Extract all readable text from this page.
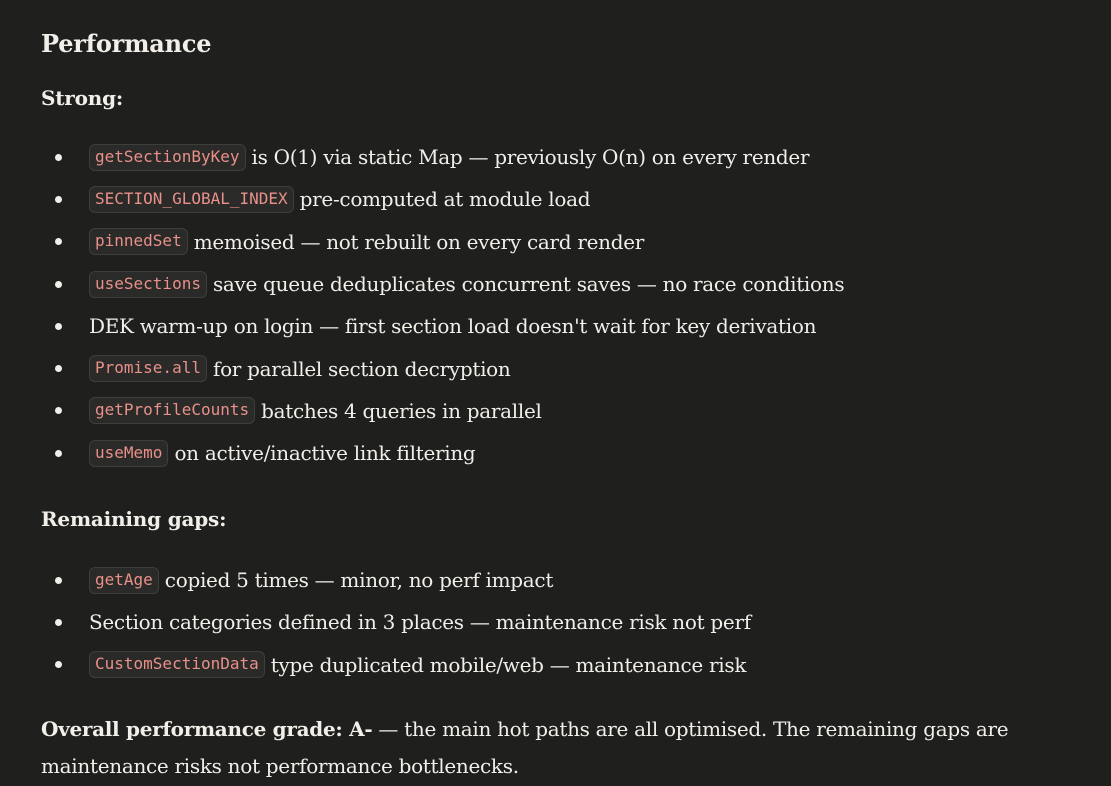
Performance
Strong:
getSectionByKey is O(1) via static Map — previously O(n) on every render
SECTION_GLOBAL_INDEX pre-computed at module load
pinnedSet memoised — not rebuilt on every card render
useSections save queue deduplicates concurrent saves — no race conditions
DEK warm-up on login — first section load doesn't wait for key derivation
Promise.all for parallel section decryption
getProfileCounts batches 4 queries in parallel
useMemo on active/inactive link filtering
Remaining gaps:
getAge copied 5 times — minor, no perf impact
Section categories defined in 3 places — maintenance risk not perf
CustomSectionData type duplicated mobile/web — maintenance risk

Overall performance grade: A- — the main hot paths are all optimised. The remaining gaps are maintenance risks not performance bottlenecks.
